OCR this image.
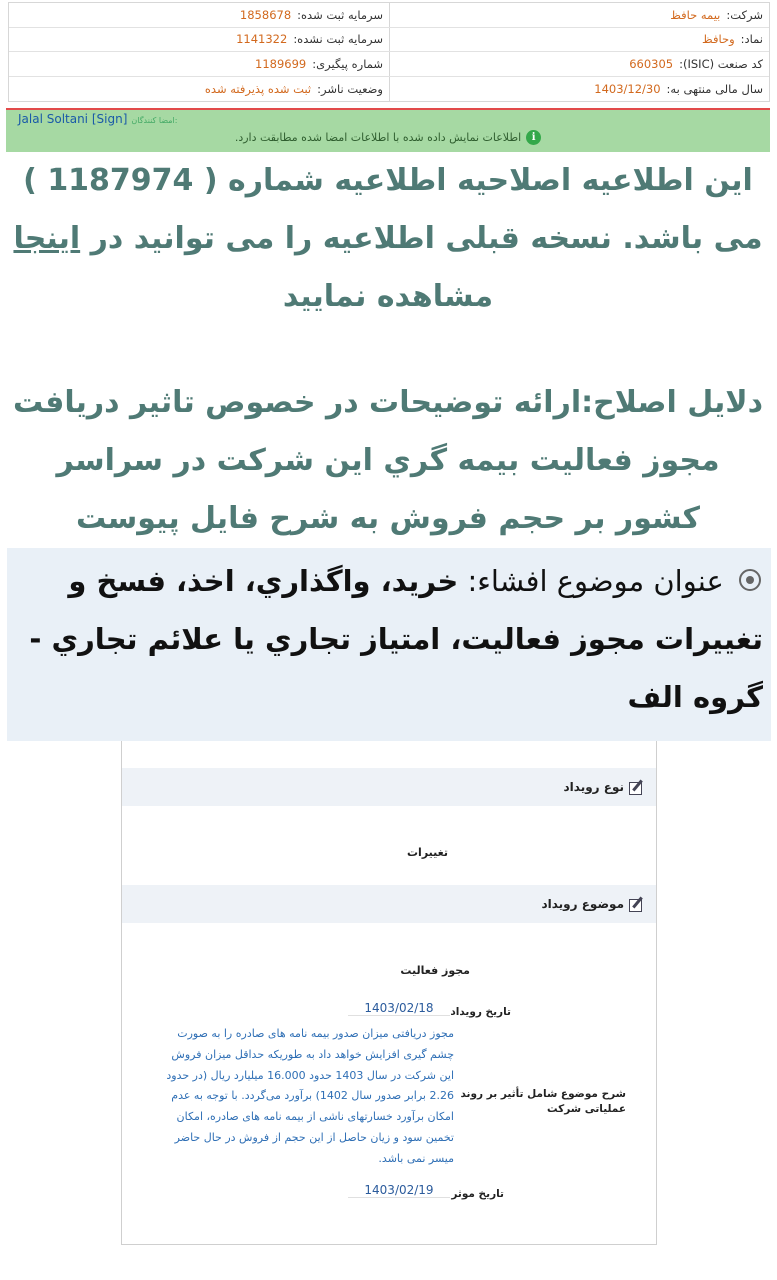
شرکت:
بیمه حافظ
سرمایه ثبت شده:
1858678
نماد:
وحافظ
سرمایه ثبت نشده:
1141322
کد صنعت (ISIC):
660305
شماره پیگیری:
1189699
سال مالی منتهی به:
1403/12/30
وضعیت ناشر:
ثبت شده پذیرفته شده
Jalal Soltani [Sign] امضا کنندگان:
i
اطلاعات نمایش داده شده با اطلاعات امضا شده مطابقت دارد.
این اطلاعیه اصلاحیه اطلاعیه شماره ( 1187974 ) می باشد. نسخه قبلی اطلاعیه را می توانید در اینجا مشاهده نمایید
دلایل اصلاح:ارائه توضیحات در خصوص تاثیر دریافت مجوز فعالیت بیمه گري این شرکت در سراسر کشور بر حجم فروش به شرح فایل پیوست
عنوان موضوع افشاء: خرید، واگذاري، اخذ، فسخ و تغییرات مجوز فعالیت، امتیاز تجاري یا علائم تجاري - گروه الف
نوع رویداد
تغییرات
موضوع رویداد
مجوز فعالیت
تاریخ رویداد
1403/02/18
مجوز دریافتی میزان صدور بیمه نامه های صادره را به صورت چشم گیری افزایش خواهد داد به طوریکه حداقل میزان فروش این شرکت در سال 1403 حدود 16.000 میلیارد ریال (در حدود 2.26 برابر صدور سال 1402) برآورد می‌گردد. با توجه به عدم امکان برآورد خسارتهای ناشی از بیمه نامه های صادره، امکان تخمین سود و زیان حاصل از این حجم از فروش در حال حاضر میسر نمی باشد.
شرح موضوع شامل تأثیر بر روند عملیاتی شرکت
تاریخ موثر
1403/02/19
